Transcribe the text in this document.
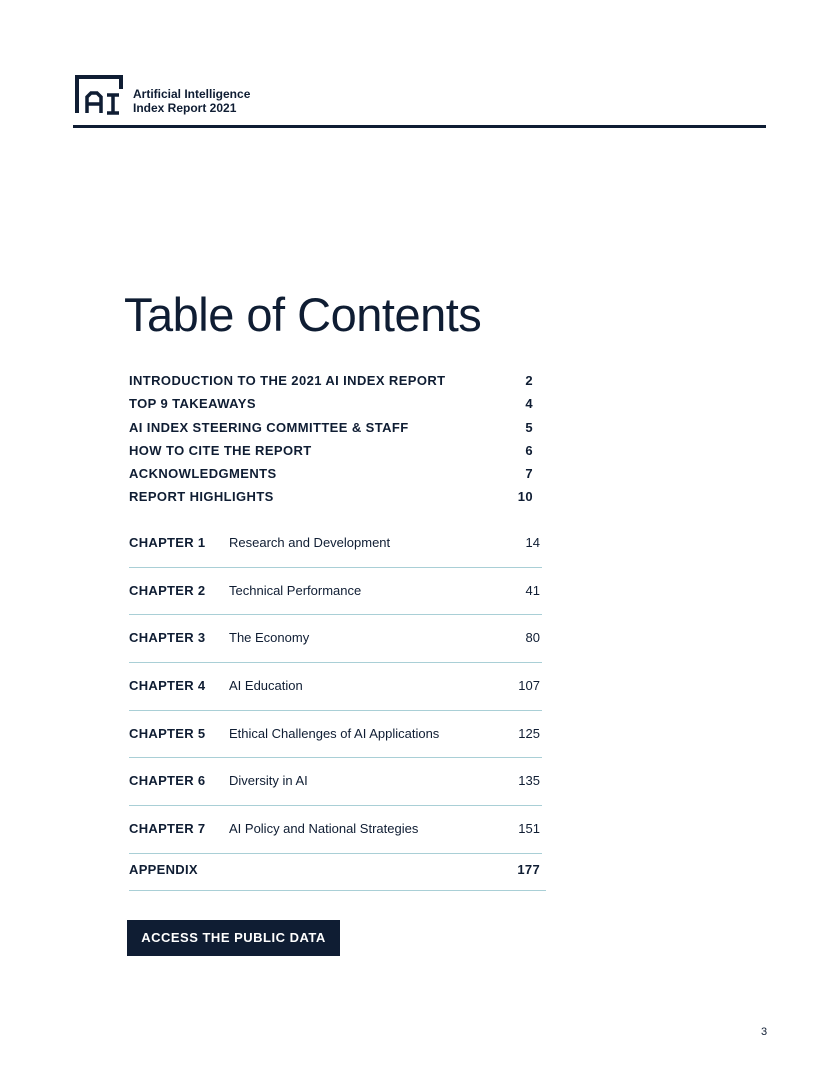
Artificial Intelligence
Index Report 2021
Table of Contents
INTRODUCTION TO THE 2021 AI INDEX REPORT	2
TOP 9 TAKEAWAYS	4
AI INDEX STEERING COMMITTEE & STAFF	5
HOW TO CITE THE REPORT	6
ACKNOWLEDGMENTS	7
REPORT HIGHLIGHTS	10
CHAPTER 1 Research and Development	14
CHAPTER 2 Technical Performance	41
CHAPTER 3 The Economy	80
CHAPTER 4 AI Education	107
CHAPTER 5 Ethical Challenges of AI Applications	125
CHAPTER 6 Diversity in AI	135
CHAPTER 7 AI Policy and National Strategies	151
APPENDIX	177
ACCESS THE PUBLIC DATA
3
